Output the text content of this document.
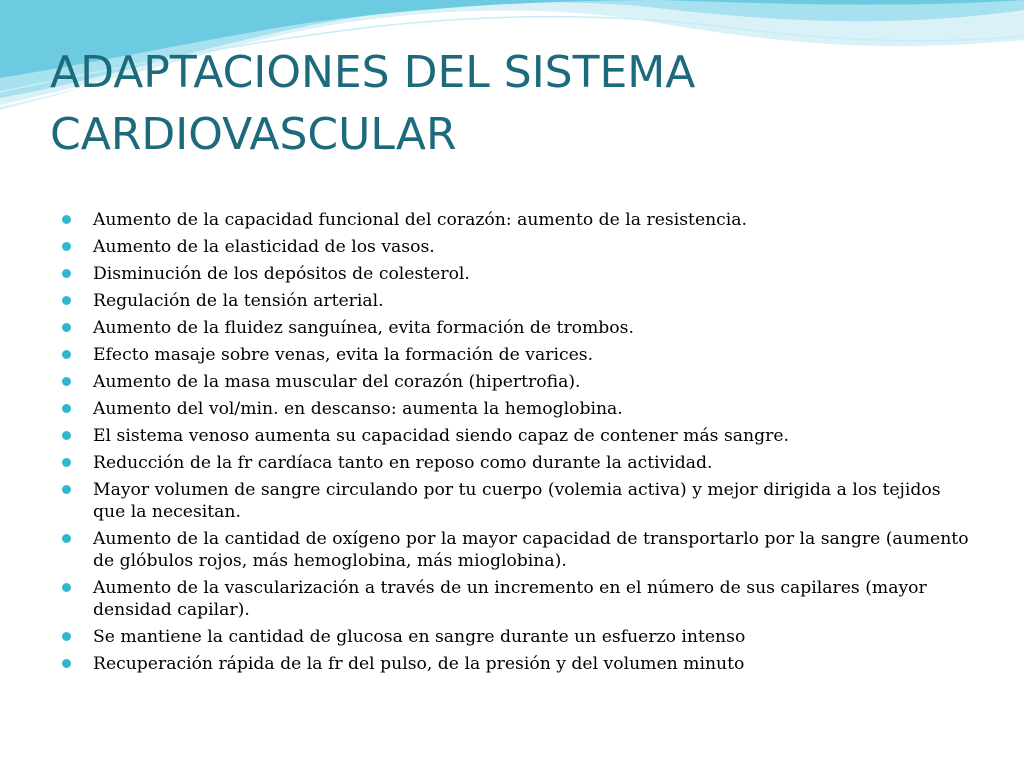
ADAPTACIONES DEL SISTEMA
CARDIOVASCULAR
Aumento de la capacidad funcional del corazón: aumento de la resistencia.
Aumento de la elasticidad de los vasos.
Disminución de los depósitos de colesterol.
Regulación de la tensión arterial.
Aumento de la fluidez sanguínea, evita formación de trombos.
Efecto masaje sobre venas, evita la formación de varices.
Aumento de la masa muscular del corazón (hipertrofia).
Aumento del vol/min. en descanso: aumenta la hemoglobina.
El sistema venoso aumenta su capacidad siendo capaz de contener más sangre.
Reducción de la fr cardíaca tanto en reposo como durante la actividad.
Mayor volumen de sangre circulando por tu cuerpo (volemia activa) y mejor dirigida a los tejidos que la necesitan.
Aumento de la cantidad de oxígeno por la mayor capacidad de transportarlo por la sangre (aumento de glóbulos rojos, más hemoglobina, más mioglobina).
Aumento de la vascularización a través de un incremento en el número de sus capilares (mayor densidad capilar).
Se mantiene la cantidad de glucosa en sangre durante un esfuerzo intenso
Recuperación rápida de la fr del pulso, de la presión y del volumen minuto
